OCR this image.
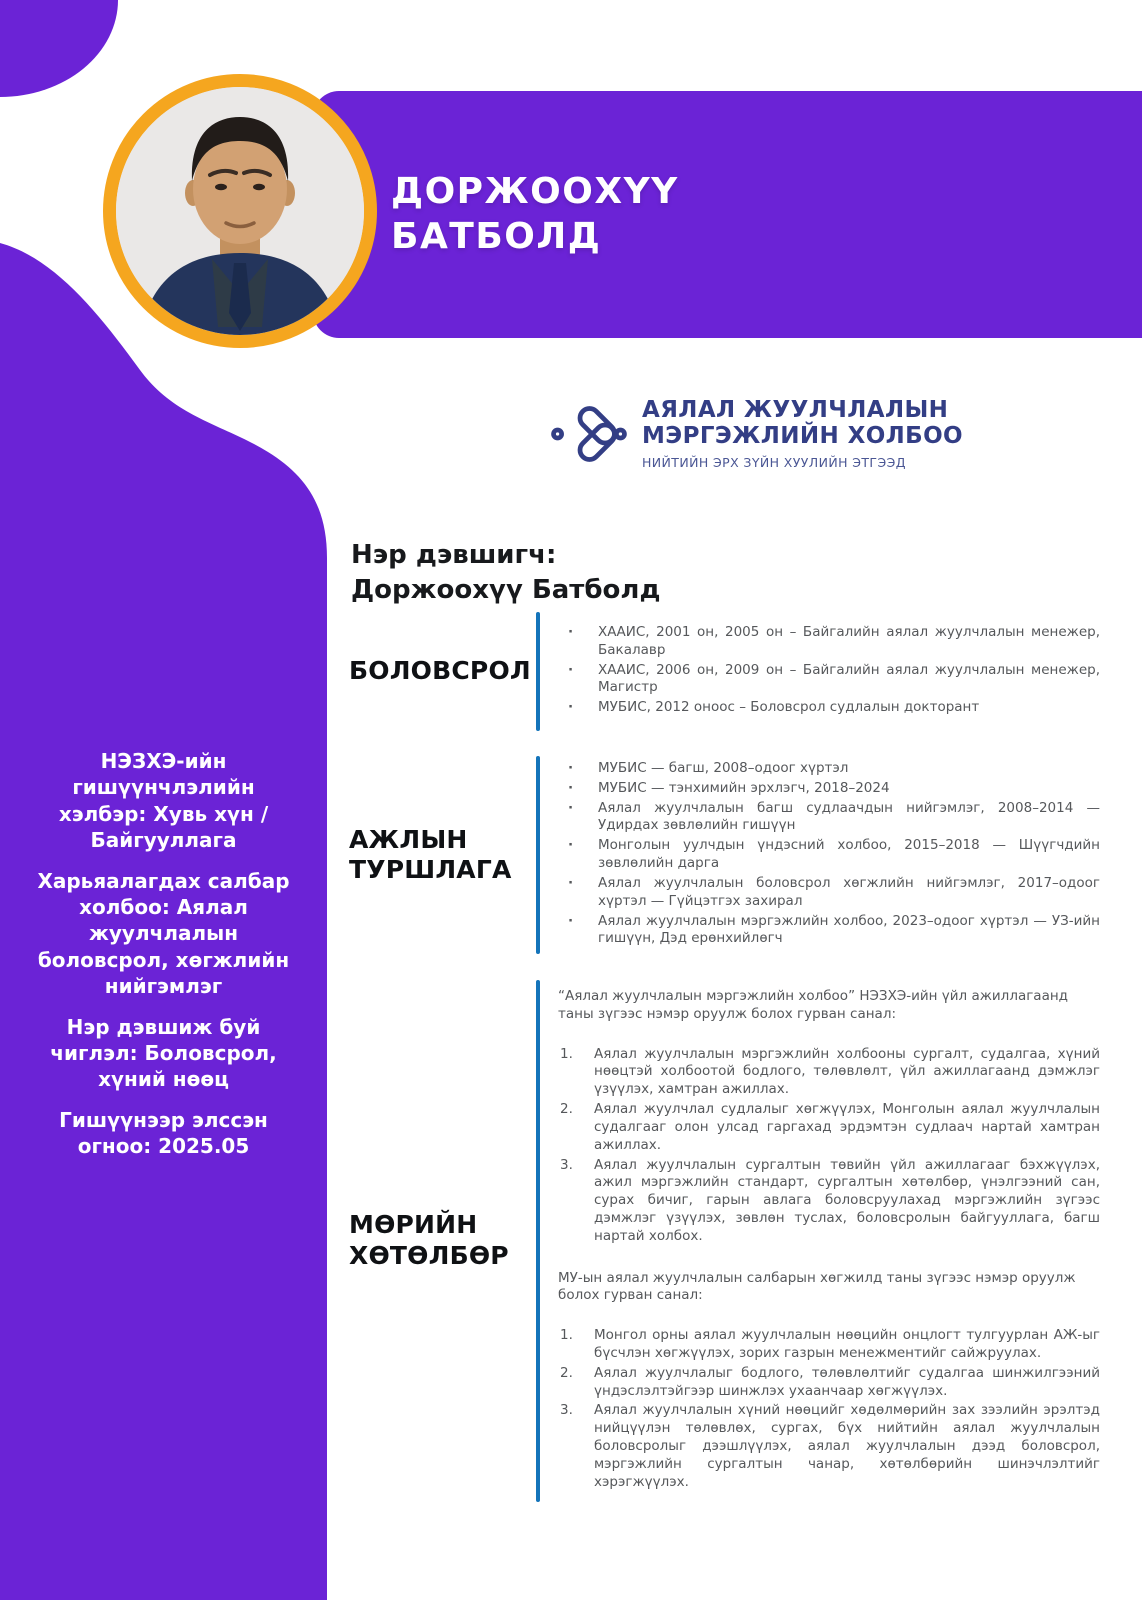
ДОРЖООХҮҮ
БАТБОЛД

НЭЗХЭ-ийн гишүүнчлэлийн хэлбэр: Хувь хүн / Байгууллага

Харьяалагдах салбар холбоо: Аялал жуулчлалын боловсрол, хөгжлийн нийгэмлэг

Нэр дэвшиж буй чиглэл: Боловсрол, хүний нөөц

Гишүүнээр элссэн огноо: 2025.05

АЯЛАЛ ЖУУЛЧЛАЛЫН
МЭРГЭЖЛИЙН ХОЛБОО
НИЙТИЙН ЭРХ ЗҮЙН ХУУЛИЙН ЭТГЭЭД
Нэр дэвшигч:
Доржоохүү Батболд
БОЛОВСРОЛ
· ХААИС, 2001 он, 2005 он – Байгалийн аялал жуулчлалын менежер, Бакалавр
· ХААИС, 2006 он, 2009 он – Байгалийн аялал жуулчлалын менежер, Магистр
· МУБИС, 2012 оноос – Боловсрол судлалын докторант
АЖЛЫН ТУРШЛАГА
· МУБИС — багш, 2008–одоог хүртэл
· МУБИС — тэнхимийн эрхлэгч, 2018–2024
· Аялал жуулчлалын багш судлаачдын нийгэмлэг, 2008–2014 — Удирдах зөвлөлийн гишүүн
· Монголын уулчдын үндэсний холбоо, 2015–2018 — Шүүгчдийн зөвлөлийн дарга
· Аялал жуулчлалын боловсрол хөгжлийн нийгэмлэг, 2017–одоог хүртэл — Гүйцэтгэх захирал
· Аялал жуулчлалын мэргэжлийн холбоо, 2023–одоог хүртэл — УЗ-ийн гишүүн, Дэд ерөнхийлөгч
МӨРИЙН ХӨТӨЛБӨР

“Аялал жуулчлалын мэргэжлийн холбоо” НЭЗХЭ-ийн үйл ажиллагаанд таны зүгээс нэмэр оруулж болох гурван санал:

Аялал жуулчлалын мэргэжлийн холбооны сургалт, судалгаа, хүний нөөцтэй холбоотой бодлого, төлөвлөлт, үйл ажиллагаанд дэмжлэг үзүүлэх, хамтран ажиллах.
Аялал жуулчлал судлалыг хөгжүүлэх, Монголын аялал жуулчлалын судалгааг олон улсад гаргахад эрдэмтэн судлаач нартай хамтран ажиллах.
Аялал жуулчлалын сургалтын төвийн үйл ажиллагааг бэхжүүлэх, ажил мэргэжлийн стандарт, сургалтын хөтөлбөр, үнэлгээний сан, сурах бичиг, гарын авлага боловсруулахад мэргэжлийн зүгээс дэмжлэг үзүүлэх, зөвлөн туслах, боловсролын байгууллага, багш нартай холбох.

МУ-ын аялал жуулчлалын салбарын хөгжилд таны зүгээс нэмэр оруулж болох гурван санал:

Монгол орны аялал жуулчлалын нөөцийн онцлогт тулгуурлан АЖ-ыг бүсчлэн хөгжүүлэх, зорих газрын менежментийг сайжруулах.
Аялал жуулчлалыг бодлого, төлөвлөлтийг судалгаа шинжилгээний үндэслэлтэйгээр шинжлэх ухаанчаар хөгжүүлэх.
Аялал жуулчлалын хүний нөөцийг хөдөлмөрийн зах зээлийн эрэлтэд нийцүүлэн төлөвлөх, сургах, бүх нийтийн аялал жуулчлалын боловсролыг дээшлүүлэх, аялал жуулчлалын дээд боловсрол, мэргэжлийн сургалтын чанар, хөтөлбөрийн шинэчлэлтийг хэрэгжүүлэх.
